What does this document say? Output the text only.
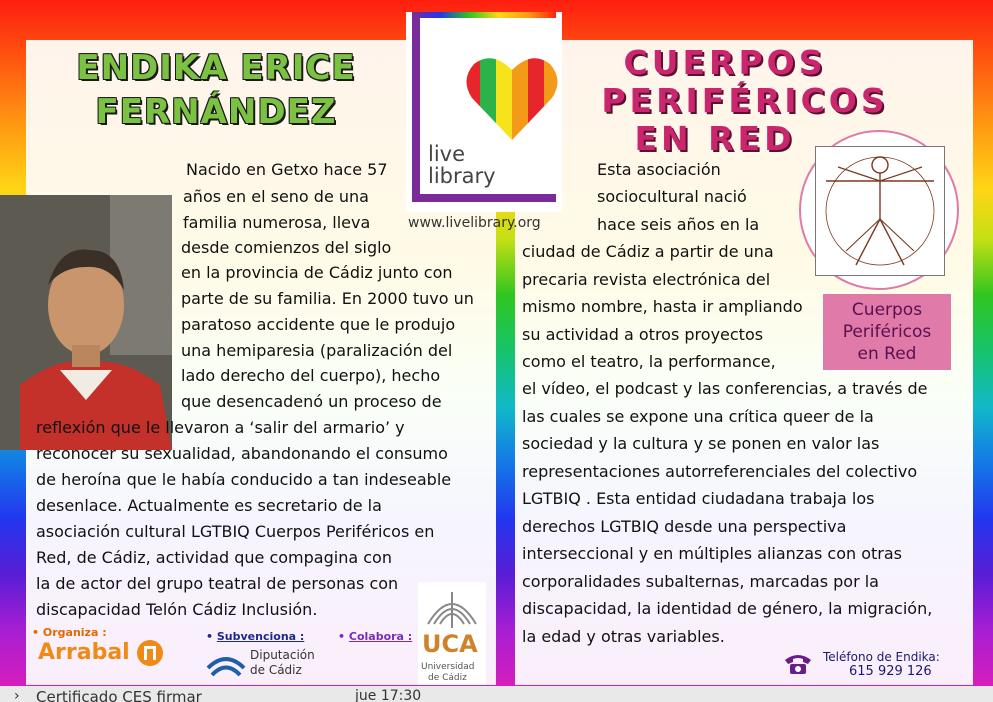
ENDIKA ERICE
FERNÁNDEZ
Nacido en Getxo hace 57
años en el seno de una
familia numerosa, lleva
desde comienzos del siglo
en la provincia de Cádiz junto con
parte de su familia. En 2000 tuvo un
paratoso accidente que le produjo
una hemiparesia (paralización del
lado derecho del cuerpo), hecho
que desencadenó un proceso de
reflexión que le llevaron a ‘salir del armario’ y
reconocer su sexualidad, abandonando el consumo
de heroína que le había conducido a tan indeseable
desenlace. Actualmente es secretario de la
asociación cultural LGTBIQ Cuerpos Periféricos en
Red, de Cádiz, actividad que compagina con
la de actor del grupo teatral de personas con
discapacidad Telón Cádiz Inclusión.
• Organiza :
Arrabal
• Subvenciona :
Diputación
de Cádiz
• Colabora : UCA
Universidad
de Cádiz
CUERPOS
PERIFÉRICOS
EN RED
Esta asociación
sociocultural nació
hace seis años en la
ciudad de Cádiz a partir de una
precaria revista electrónica del
mismo nombre, hasta ir ampliando
su actividad a otros proyectos
como el teatro, la performance,
el vídeo, el podcast y las conferencias, a través de
las cuales se expone una crítica queer de la
sociedad y la cultura y se ponen en valor las
representaciones autorreferenciales del colectivo
LGTBIQ . Esta entidad ciudadana trabaja los
derechos LGTBIQ desde una perspectiva
interseccional y en múltiples alianzas con otras
corporalidades subalternas, marcadas por la
discapacidad, la identidad de género, la migración,
la edad y otras variables.
Cuerpos
Periféricos
en Red
Teléfono de Endika:
615 929 126
live
library
www.livelibrary.org
› Certificado CES firmar	jue 17:30
